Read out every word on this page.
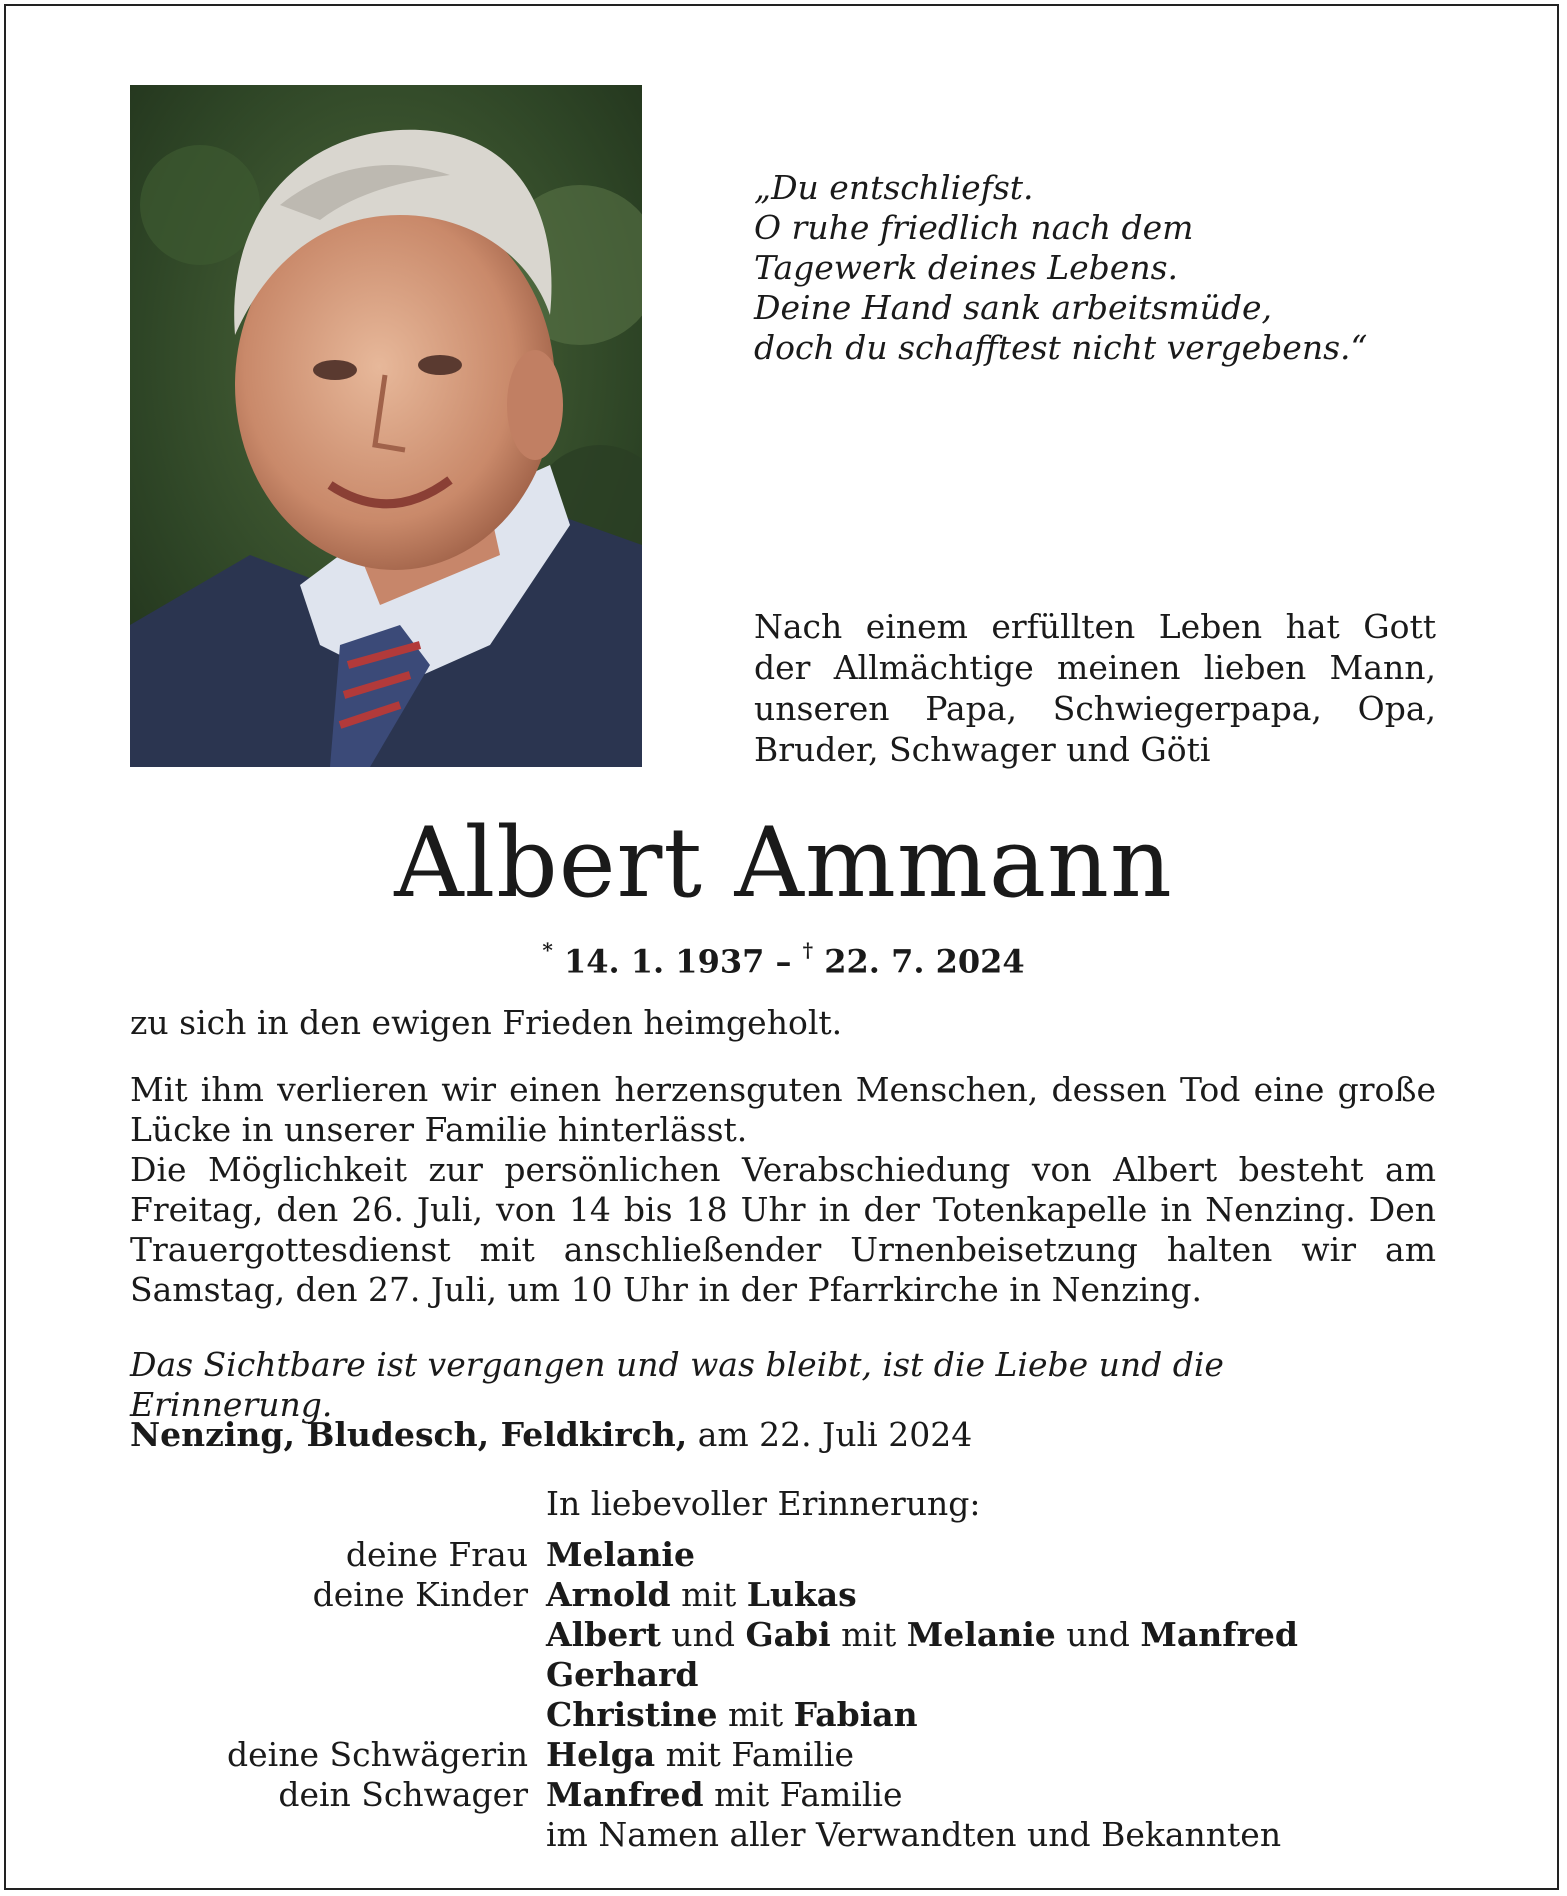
„Du entschliefst.
O ruhe friedlich nach dem
Tagewerk deines Lebens.
Deine Hand sank arbeitsmüde,
doch du schafftest nicht vergebens.“
Nach einem erfüllten Leben hat Gott der Allmächtige meinen lieben Mann, unseren Papa, Schwiegerpapa, Opa, Bruder, Schwager und Göti
Albert Ammann
* 14. 1. 1937 – † 22. 7. 2024
zu sich in den ewigen Frieden heimgeholt.
Mit ihm verlieren wir einen herzensguten Menschen, dessen Tod eine große Lücke in unserer Familie hinterlässt.
Die Möglichkeit zur persönlichen Verabschiedung von Albert besteht am Freitag, den 26. Juli, von 14 bis 18 Uhr in der Totenkapelle in Nenzing. Den Trauergottesdienst mit anschließender Urnenbeisetzung halten wir am Samstag, den 27. Juli, um 10 Uhr in der Pfarrkirche in Nenzing.
Das Sichtbare ist vergangen und was bleibt, ist die Liebe und die Erinnerung.
Nenzing, Bludesch, Feldkirch, am 22. Juli 2024
In liebevoller Erinnerung:
deine Frau Melanie
deine Kinder Arnold mit Lukas
Albert und Gabi mit Melanie und Manfred
Gerhard
Christine mit Fabian
deine Schwägerin Helga mit Familie
dein Schwager Manfred mit Familie
im Namen aller Verwandten und Bekannten
